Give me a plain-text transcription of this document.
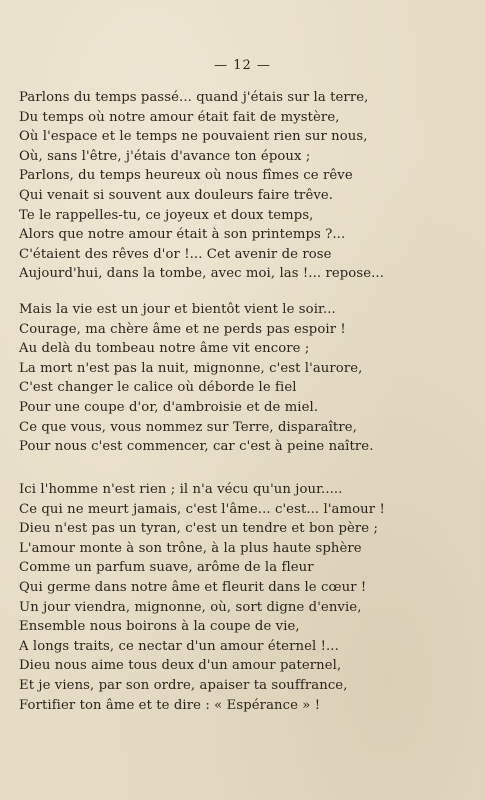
— 12 —
Parlons du temps passé... quand j'étais sur la terre,
Du temps où notre amour était fait de mystère,
Où l'espace et le temps ne pouvaient rien sur nous,
Où, sans l'être, j'étais d'avance ton époux ;
Parlons, du temps heureux où nous fîmes ce rêve
Qui venait si souvent aux douleurs faire trêve.
Te le rappelles-tu, ce joyeux et doux temps,
Alors que notre amour était à son printemps ?...
C'étaient des rêves d'or !... Cet avenir de rose
Aujourd'hui, dans la tombe, avec moi, las !... repose...
Mais la vie est un jour et bientôt vient le soir...
Courage, ma chère âme et ne perds pas espoir !
Au delà du tombeau notre âme vit encore ;
La mort n'est pas la nuit, mignonne, c'est l'aurore,
C'est changer le calice où déborde le fiel
Pour une coupe d'or, d'ambroisie et de miel.
Ce que vous, vous nommez sur Terre, disparaître,
Pour nous c'est commencer, car c'est à peine naître.
Ici l'homme n'est rien ; il n'a vécu qu'un jour.....
Ce qui ne meurt jamais, c'est l'âme... c'est... l'amour !
Dieu n'est pas un tyran, c'est un tendre et bon père ;
L'amour monte à son trône, à la plus haute sphère
Comme un parfum suave, arôme de la fleur
Qui germe dans notre âme et fleurit dans le cœur !
Un jour viendra, mignonne, où, sort digne d'envie,
Ensemble nous boirons à la coupe de vie,
A longs traits, ce nectar d'un amour éternel !...
Dieu nous aime tous deux d'un amour paternel,
Et je viens, par son ordre, apaiser ta souffrance,
Fortifier ton âme et te dire : « Espérance » !
